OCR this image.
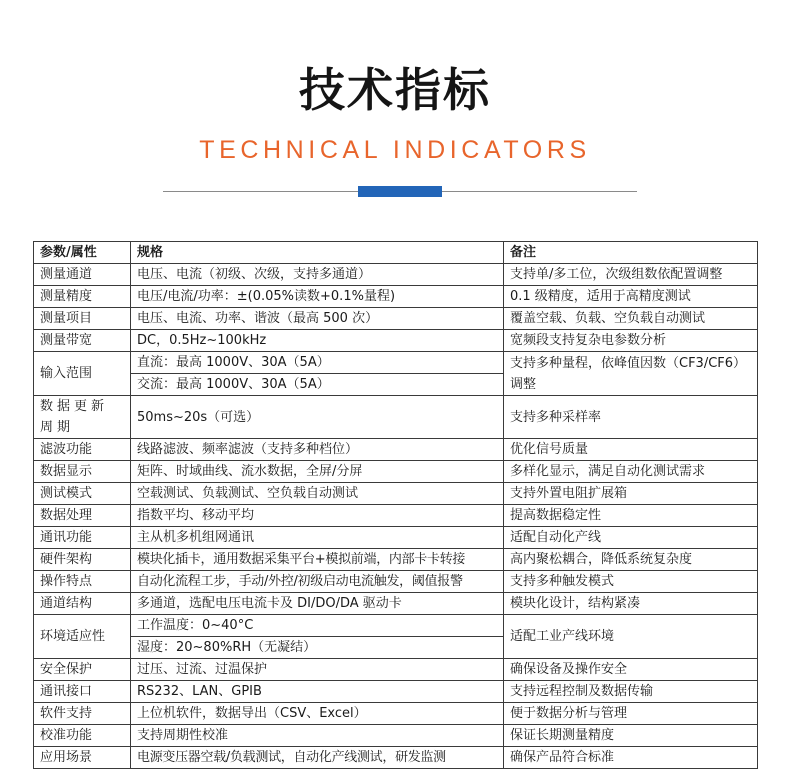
技术指标
TECHNICAL INDICATORS
参数/属性	规格	备注
测量通道	电压、电流（初级、次级，支持多通道）	支持单/多工位，次级组数依配置调整
测量精度	电压/电流/功率：±(0.05%读数+0.1%量程)	0.1 级精度，适用于高精度测试
测量项目	电压、电流、功率、谐波（最高 500 次）	覆盖空载、负载、空负载自动测试
测量带宽	DC，0.5Hz~100kHz	宽频段支持复杂电参数分析
输入范围	直流：最高 1000V、30A（5A）	支持多种量程，依峰值因数（CF3/CF6）调整
	交流：最高 1000V、30A（5A）	
数据更新周期	50ms~20s（可选）	支持多种采样率
滤波功能	线路滤波、频率滤波（支持多种档位）	优化信号质量
数据显示	矩阵、时域曲线、流水数据，全屏/分屏	多样化显示，满足自动化测试需求
测试模式	空载测试、负载测试、空负载自动测试	支持外置电阻扩展箱
数据处理	指数平均、移动平均	提高数据稳定性
通讯功能	主从机多机组网通讯	适配自动化产线
硬件架构	模块化插卡，通用数据采集平台+模拟前端，内部卡卡转接	高内聚松耦合，降低系统复杂度
操作特点	自动化流程工步，手动/外控/初级启动电流触发，阈值报警	支持多种触发模式
通道结构	多通道，选配电压电流卡及 DI/DO/DA 驱动卡	模块化设计，结构紧凑
环境适应性	工作温度：0~40°C	适配工业产线环境
	湿度：20~80%RH（无凝结）	
安全保护	过压、过流、过温保护	确保设备及操作安全
通讯接口	RS232、LAN、GPIB	支持远程控制及数据传输
软件支持	上位机软件，数据导出（CSV、Excel）	便于数据分析与管理
校准功能	支持周期性校准	保证长期测量精度
应用场景	电源变压器空载/负载测试，自动化产线测试，研发监测	确保产品符合标准
